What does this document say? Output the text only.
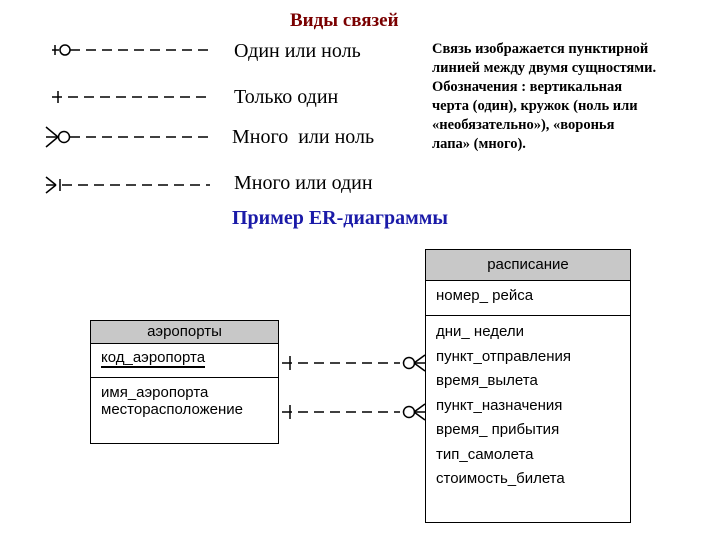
Виды связей
Один или ноль
Только один
Много  или ноль
Много или один
Связь изображается пунктирной
линией между двумя сущностями.
Обозначения : вертикальная
черта (один), кружок (ноль или
«необязательно»), «воронья
лапа» (много).
Пример ER-диаграммы
аэропорты
код_аэропорта
имя_аэропорта
месторасположение
расписание
номер_ рейса
дни_ недели
пункт_отправления
время_вылета
пункт_назначения
время_ прибытия
тип_самолета
стоимость_билета
